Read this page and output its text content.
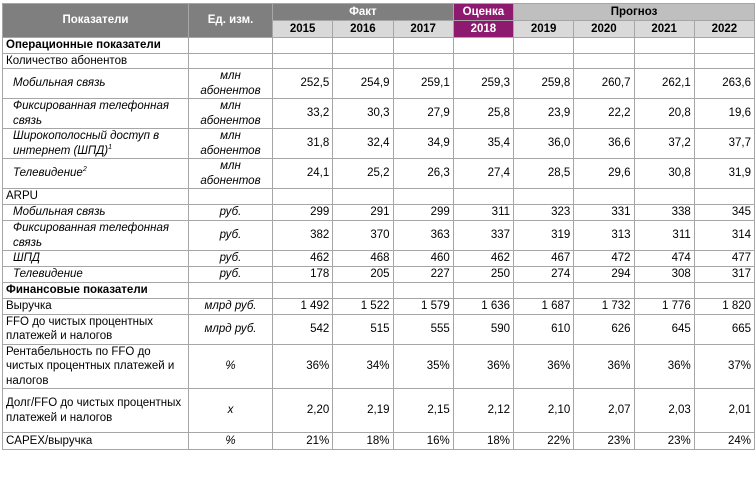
Показатели	Ед. изм.	Факт			Оценка	Прогноз			
		2015	2016	2017	2018	2019	2020	2021	2022
Операционные показатели									
Количество абонентов									
Мобильная связь	млн абонентов	252,5	254,9	259,1	259,3	259,8	260,7	262,1	263,6
Фиксированная телефонная связь	млн абонентов	33,2	30,3	27,9	25,8	23,9	22,2	20,8	19,6
Широкополосный доступ в интернет (ШПД)$^1$	млн абонентов	31,8	32,4	34,9	35,4	36,0	36,6	37,2	37,7
Телевидение$^2$	млн абонентов	24,1	25,2	26,3	27,4	28,5	29,6	30,8	31,9
ARPU									
Мобильная связь	руб.	299	291	299	311	323	331	338	345
Фиксированная телефонная связь	руб.	382	370	363	337	319	313	311	314
ШПД	руб.	462	468	460	462	467	472	474	477
Телевидение	руб.	178	205	227	250	274	294	308	317
Финансовые показатели									
Выручка	млрд руб.	1 492	1 522	1 579	1 636	1 687	1 732	1 776	1 820
FFO до чистых процентных платежей и налогов	млрд руб.	542	515	555	590	610	626	645	665
Рентабельность по FFO до чистых процентных платежей и налогов	%	36%	34%	35%	36%	36%	36%	36%	37%
Долг/FFO до чистых процентных платежей и налогов	x	2,20	2,19	2,15	2,12	2,10	2,07	2,03	2,01
CAPEX/выручка	%	21%	18%	16%	18%	22%	23%	23%	24%
